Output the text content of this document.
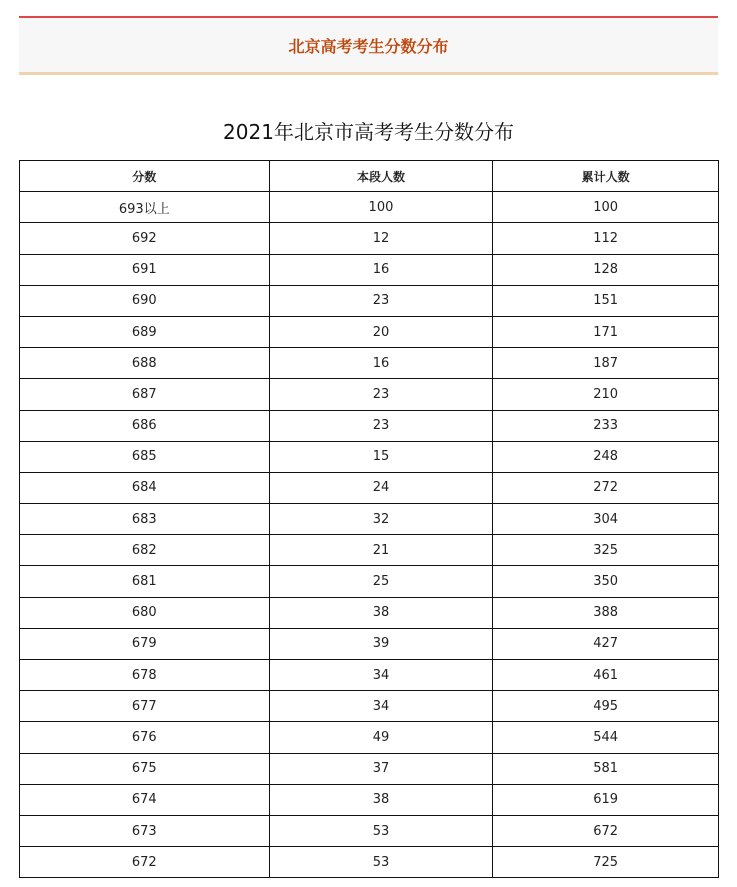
北京高考考生分数分布
2021年北京市高考考生分数分布
分数	本段人数	累计人数
693以上	100	100
692	12	112
691	16	128
690	23	151
689	20	171
688	16	187
687	23	210
686	23	233
685	15	248
684	24	272
683	32	304
682	21	325
681	25	350
680	38	388
679	39	427
678	34	461
677	34	495
676	49	544
675	37	581
674	38	619
673	53	672
672	53	725
